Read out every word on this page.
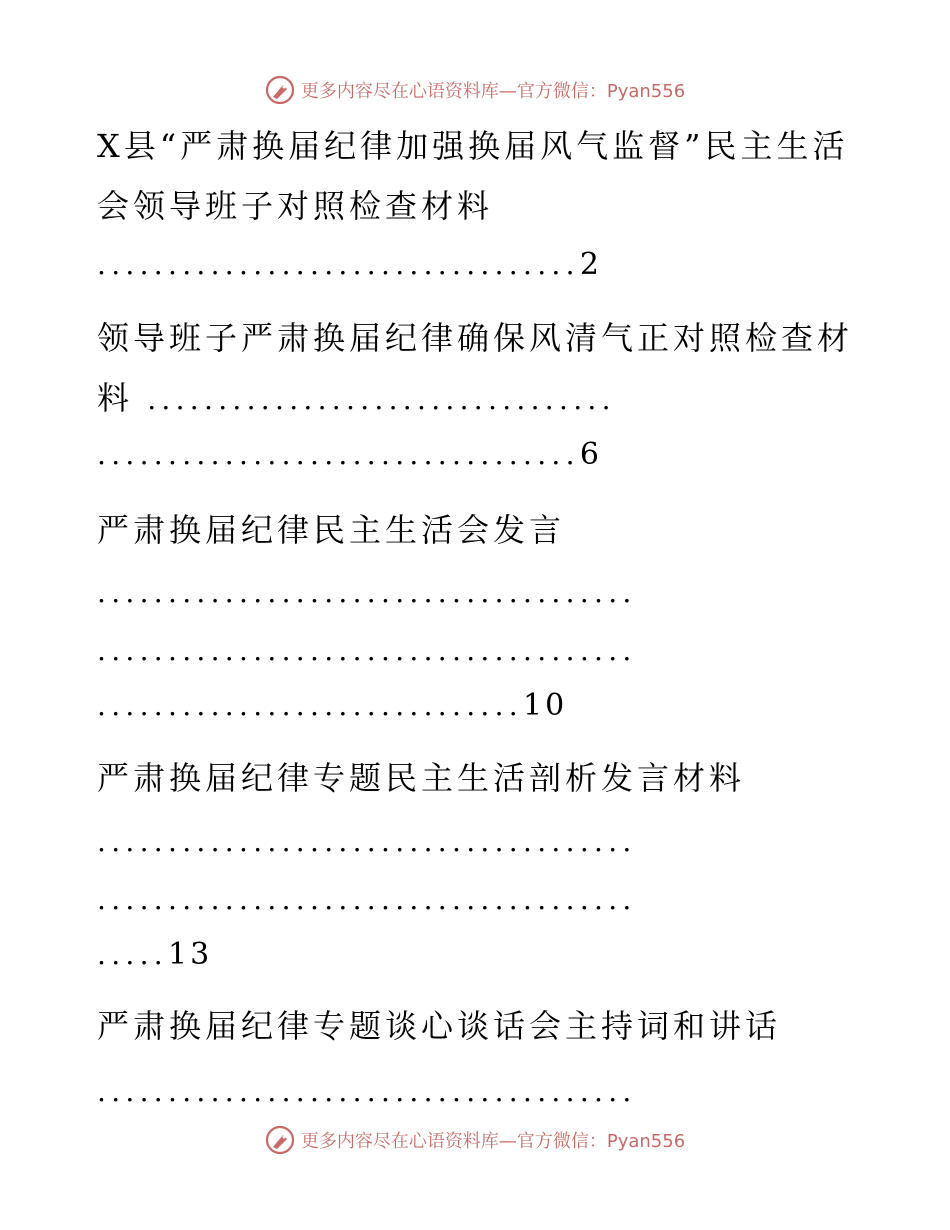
更多内容尽在心语资料库—官方微信：Pyan556
X县“严肃换届纪律加强换届风气监督”民主生活
会领导班子对照检查材料
..................................2
领导班子严肃换届纪律确保风清气正对照检查材
料 .................................
..................................6
严肃换届纪律民主生活会发言
......................................
......................................
..............................10
严肃换届纪律专题民主生活剖析发言材料
......................................
......................................
.....13
严肃换届纪律专题谈心谈话会主持词和讲话
......................................
更多内容尽在心语资料库—官方微信：Pyan556
